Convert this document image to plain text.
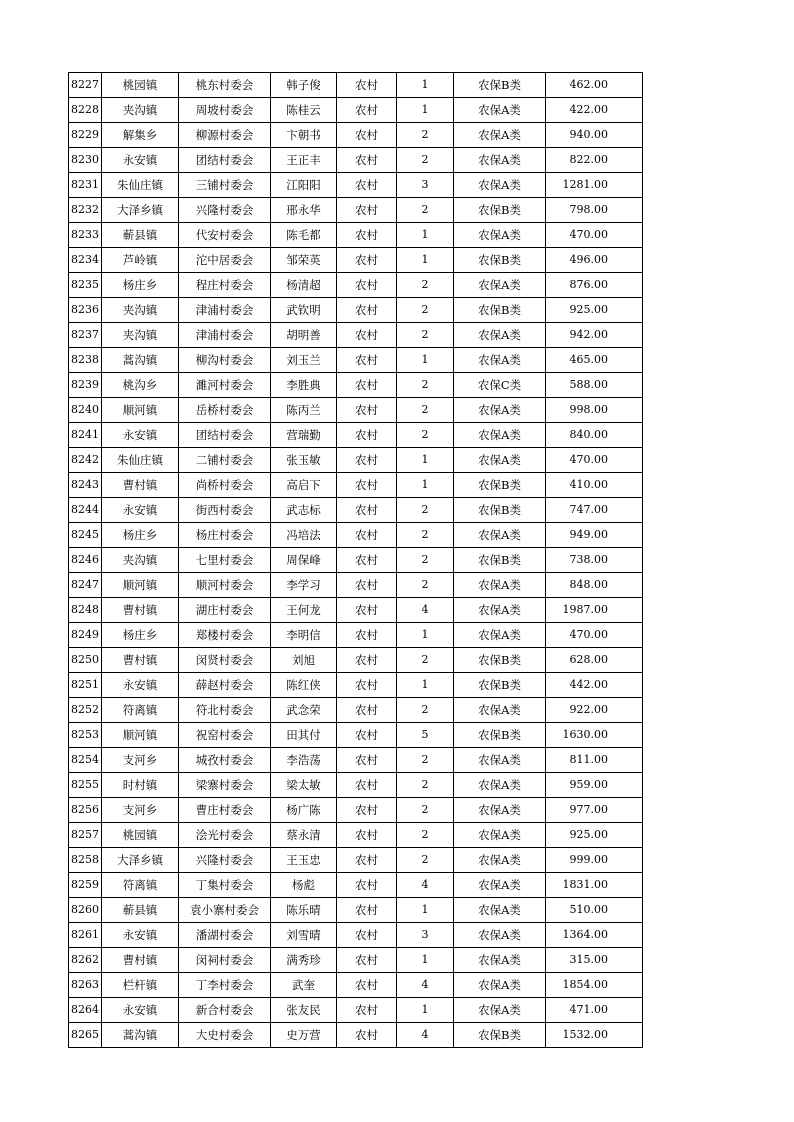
8227	桃园镇	桃东村委会	韩子俊	农村	1	农保B类	462.00
8228	夹沟镇	周坡村委会	陈桂云	农村	1	农保A类	422.00
8229	解集乡	柳源村委会	卞朝书	农村	2	农保A类	940.00
8230	永安镇	团结村委会	王正丰	农村	2	农保A类	822.00
8231	朱仙庄镇	三铺村委会	江阳阳	农村	3	农保A类	1281.00
8232	大泽乡镇	兴隆村委会	邢永华	农村	2	农保B类	798.00
8233	蕲县镇	代安村委会	陈毛都	农村	1	农保A类	470.00
8234	芦岭镇	沱中居委会	邹荣英	农村	1	农保B类	496.00
8235	杨庄乡	程庄村委会	杨清超	农村	2	农保A类	876.00
8236	夹沟镇	津浦村委会	武钦明	农村	2	农保B类	925.00
8237	夹沟镇	津浦村委会	胡明善	农村	2	农保A类	942.00
8238	蒿沟镇	柳沟村委会	刘玉兰	农村	1	农保A类	465.00
8239	桃沟乡	濉河村委会	李胜典	农村	2	农保C类	588.00
8240	顺河镇	岳桥村委会	陈丙兰	农村	2	农保A类	998.00
8241	永安镇	团结村委会	营瑞勤	农村	2	农保A类	840.00
8242	朱仙庄镇	二铺村委会	张玉敏	农村	1	农保A类	470.00
8243	曹村镇	尚桥村委会	高启下	农村	1	农保B类	410.00
8244	永安镇	街西村委会	武志标	农村	2	农保B类	747.00
8245	杨庄乡	杨庄村委会	冯培法	农村	2	农保A类	949.00
8246	夹沟镇	七里村委会	周保峰	农村	2	农保B类	738.00
8247	顺河镇	顺河村委会	李学习	农村	2	农保A类	848.00
8248	曹村镇	湖庄村委会	王何龙	农村	4	农保A类	1987.00
8249	杨庄乡	郑楼村委会	李明信	农村	1	农保A类	470.00
8250	曹村镇	闵贤村委会	刘旭	农村	2	农保B类	628.00
8251	永安镇	薛赵村委会	陈红侠	农村	1	农保B类	442.00
8252	符离镇	符北村委会	武念荣	农村	2	农保A类	922.00
8253	顺河镇	祝窑村委会	田其付	农村	5	农保B类	1630.00
8254	支河乡	城孜村委会	李浩荡	农村	2	农保A类	811.00
8255	时村镇	梁寨村委会	梁太敏	农村	2	农保A类	959.00
8256	支河乡	曹庄村委会	杨广陈	农村	2	农保A类	977.00
8257	桃园镇	浍光村委会	蔡永清	农村	2	农保A类	925.00
8258	大泽乡镇	兴隆村委会	王玉忠	农村	2	农保A类	999.00
8259	符离镇	丁集村委会	杨彪	农村	4	农保A类	1831.00
8260	蕲县镇	袁小寨村委会	陈乐晴	农村	1	农保A类	510.00
8261	永安镇	潘湖村委会	刘雪晴	农村	3	农保A类	1364.00
8262	曹村镇	闵祠村委会	满秀珍	农村	1	农保A类	315.00
8263	栏杆镇	丁李村委会	武奎	农村	4	农保A类	1854.00
8264	永安镇	新合村委会	张友民	农村	1	农保A类	471.00
8265	蒿沟镇	大史村委会	史万营	农村	4	农保B类	1532.00
